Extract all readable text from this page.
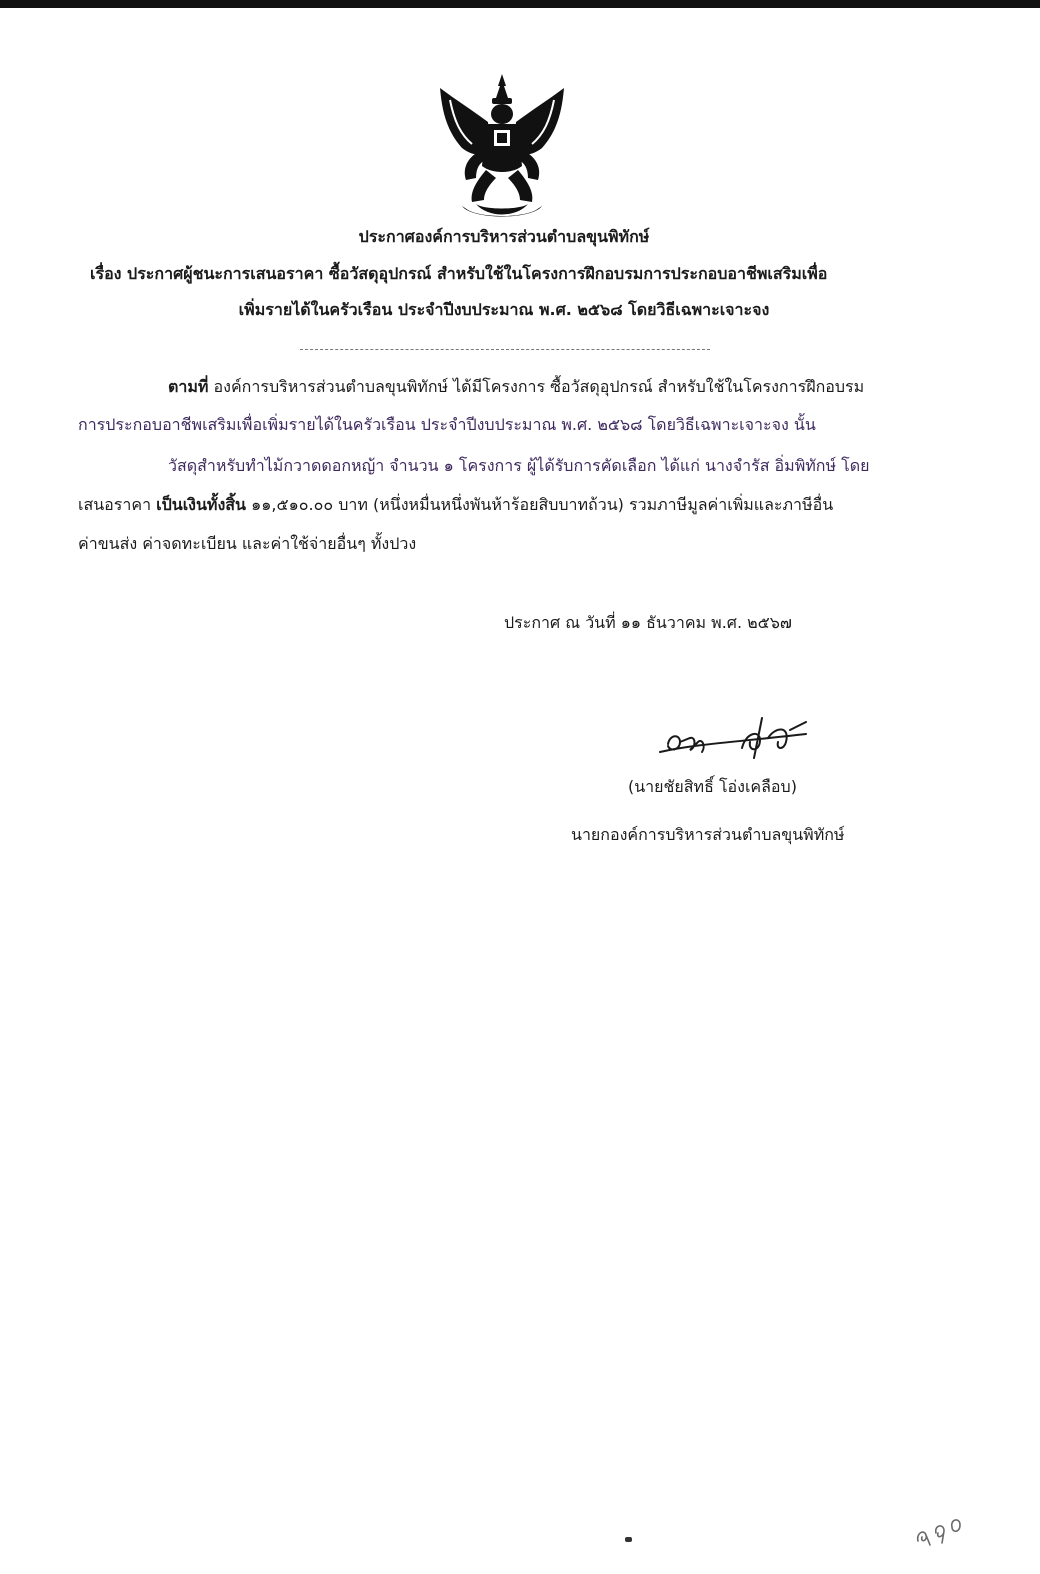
ประกาศองค์การบริหารส่วนตำบลขุนพิทักษ์
เรื่อง ประกาศผู้ชนะการเสนอราคา ซื้อวัสดุอุปกรณ์ สำหรับใช้ในโครงการฝึกอบรมการประกอบอาชีพเสริมเพื่อ
เพิ่มรายได้ในครัวเรือน ประจำปีงบประมาณ พ.ศ. ๒๕๖๘ โดยวิธีเฉพาะเจาะจง
ตามที่ องค์การบริหารส่วนตำบลขุนพิทักษ์ ได้มีโครงการ ซื้อวัสดุอุปกรณ์ สำหรับใช้ในโครงการฝึกอบรม
การประกอบอาชีพเสริมเพื่อเพิ่มรายได้ในครัวเรือน ประจำปีงบประมาณ พ.ศ. ๒๕๖๘ โดยวิธีเฉพาะเจาะจง นั้น
วัสดุสำหรับทำไม้กวาดดอกหญ้า จำนวน ๑ โครงการ ผู้ได้รับการคัดเลือก ได้แก่ นางจำรัส อิ่มพิทักษ์ โดย
เสนอราคา เป็นเงินทั้งสิ้น ๑๑,๕๑๐.๐๐ บาท (หนึ่งหมื่นหนึ่งพันห้าร้อยสิบบาทถ้วน) รวมภาษีมูลค่าเพิ่มและภาษีอื่น
ค่าขนส่ง ค่าจดทะเบียน และค่าใช้จ่ายอื่นๆ ทั้งปวง
ประกาศ ณ วันที่ ๑๑ ธันวาคม พ.ศ. ๒๕๖๗
(นายชัยสิทธิ์ โอ่งเคลือบ)
นายกองค์การบริหารส่วนตำบลขุนพิทักษ์
